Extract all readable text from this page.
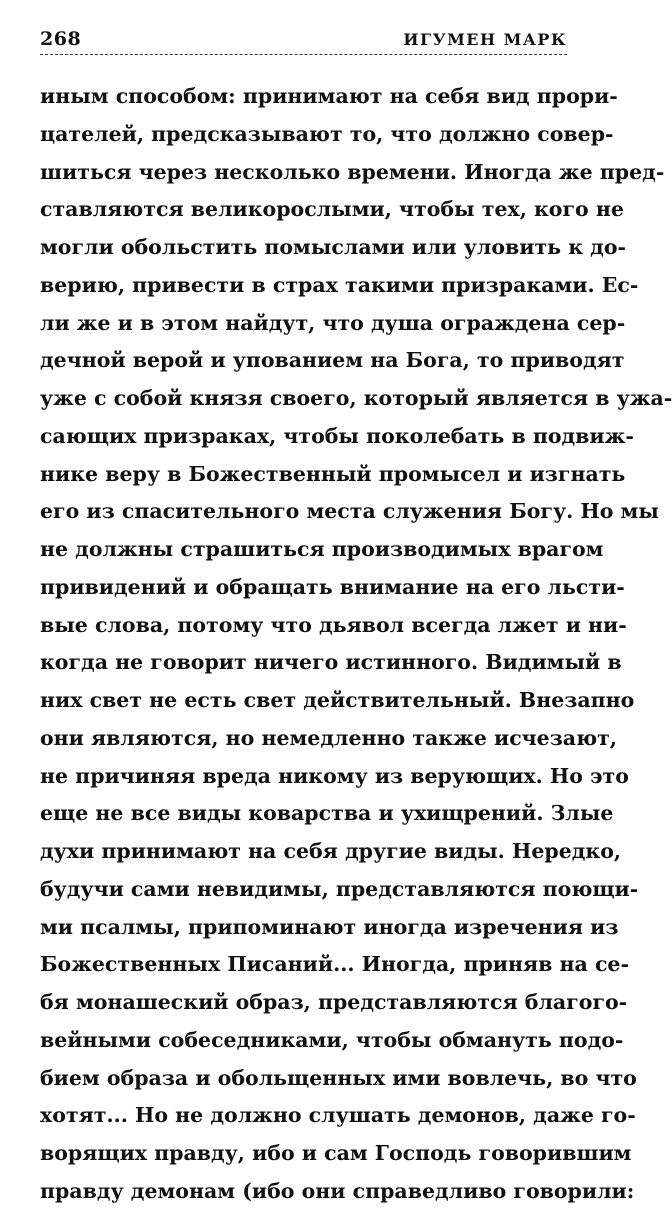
268	ИГУМЕН МАРК
иным способом: принимают на себя вид прори-
цателей, предсказывают то, что должно совер-
шиться через несколько времени. Иногда же пред-
ставляются великорослыми, чтобы тех, кого не
могли обольстить помыслами или уловить к до-
верию, привести в страх такими призраками. Ес-
ли же и в этом найдут, что душа ограждена сер-
дечной верой и упованием на Бога, то приводят
уже с собой князя своего, который является в ужа-
сающих призраках, чтобы поколебать в подвиж-
нике веру в Божественный промысел и изгнать
его из спасительного места служения Богу. Но мы
не должны страшиться производимых врагом
привидений и обращать внимание на его льсти-
вые слова, потому что дьявол всегда лжет и ни-
когда не говорит ничего истинного. Видимый в
них свет не есть свет действительный. Внезапно
они являются, но немедленно также исчезают,
не причиняя вреда никому из верующих. Но это
еще не все виды коварства и ухищрений. Злые
духи принимают на себя другие виды. Нередко,
будучи сами невидимы, представляются поющи-
ми псалмы, припоминают иногда изречения из
Божественных Писаний... Иногда, приняв на се-
бя монашеский образ, представляются благого-
вейными собеседниками, чтобы обмануть подо-
бием образа и обольщенных ими вовлечь, во что
хотят... Но не должно слушать демонов, даже го-
ворящих правду, ибо и сам Господь говорившим
правду демонам (ибо они справедливо говорили:
